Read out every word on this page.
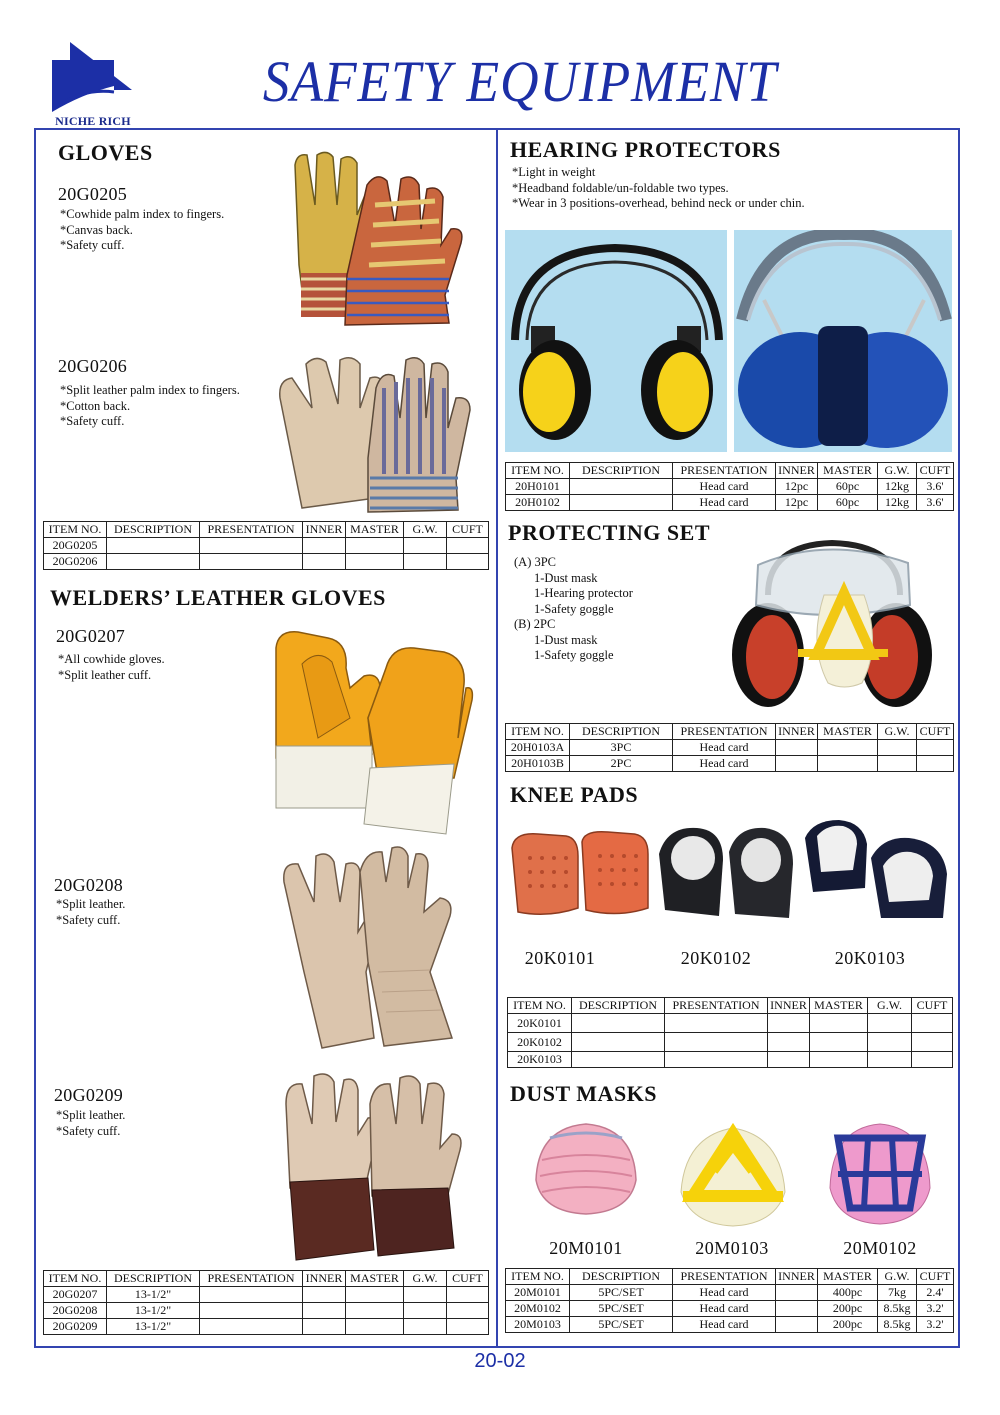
NICHE RICH
SAFETY EQUIPMENT
GLOVES
20G0205
*Cowhide palm index to fingers.
*Canvas back.
*Safety cuff.
20G0206
*Split leather palm index to fingers.
*Cotton back.
*Safety cuff.
ITEM NO.	DESCRIPTION	PRESENTATION	INNER	MASTER	G.W.	CUFT
20G0205						
20G0206						
WELDERS’ LEATHER GLOVES
20G0207
*All cowhide gloves.
*Split leather cuff.
20G0208
*Split leather.
*Safety cuff.
20G0209
*Split leather.
*Safety cuff.
ITEM NO.	DESCRIPTION	PRESENTATION	INNER	MASTER	G.W.	CUFT
20G0207	13-1/2"					
20G0208	13-1/2"					
20G0209	13-1/2"					
HEARING PROTECTORS
*Light in weight
*Headband foldable/un-foldable two types.
*Wear in 3 positions-overhead, behind neck or under chin.
ITEM NO.	DESCRIPTION	PRESENTATION	INNER	MASTER	G.W.	CUFT
20H0101		Head card	12pc	60pc	12kg	3.6'
20H0102		Head card	12pc	60pc	12kg	3.6'
PROTECTING SET
(A) 3PC
1-Dust mask
1-Hearing protector
1-Safety goggle
(B) 2PC
1-Dust mask
1-Safety goggle
ITEM NO.	DESCRIPTION	PRESENTATION	INNER	MASTER	G.W.	CUFT
20H0103A	3PC	Head card				
20H0103B	2PC	Head card				
KNEE PADS
20K0101	20K0102	20K0103
ITEM NO.	DESCRIPTION	PRESENTATION	INNER	MASTER	G.W.	CUFT
20K0101						
20K0102						
20K0103						
DUST MASKS
20M0101	20M0103	20M0102
ITEM NO.	DESCRIPTION	PRESENTATION	INNER	MASTER	G.W.	CUFT
20M0101	5PC/SET	Head card		400pc	7kg	2.4'
20M0102	5PC/SET	Head card		200pc	8.5kg	3.2'
20M0103	5PC/SET	Head card		200pc	8.5kg	3.2'
20-02
